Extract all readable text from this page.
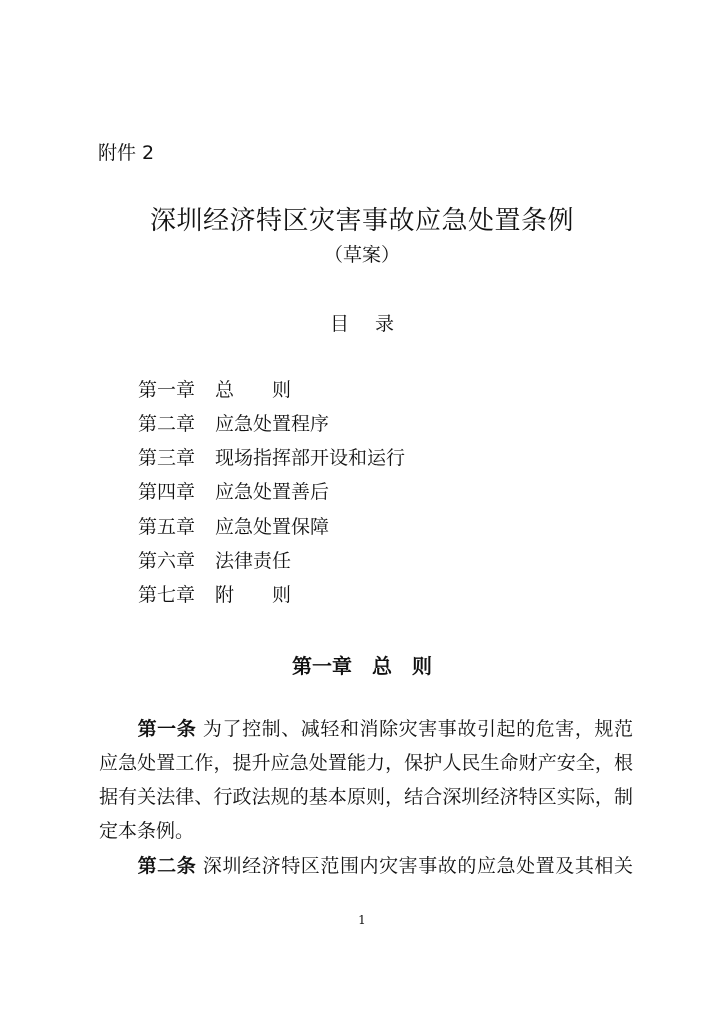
附件 2
深圳经济特区灾害事故应急处置条例
（草案）
目录
第一章 总　　则
第二章 应急处置程序
第三章 现场指挥部开设和运行
第四章 应急处置善后
第五章 应急处置保障
第六章 法律责任
第七章 附　　则
第一章　总　则
第一条 为了控制、减轻和消除灾害事故引起的危害，规范
应急处置工作，提升应急处置能力，保护人民生命财产安全，根
据有关法律、行政法规的基本原则，结合深圳经济特区实际，制
定本条例。
第二条 深圳经济特区范围内灾害事故的应急处置及其相关
1
